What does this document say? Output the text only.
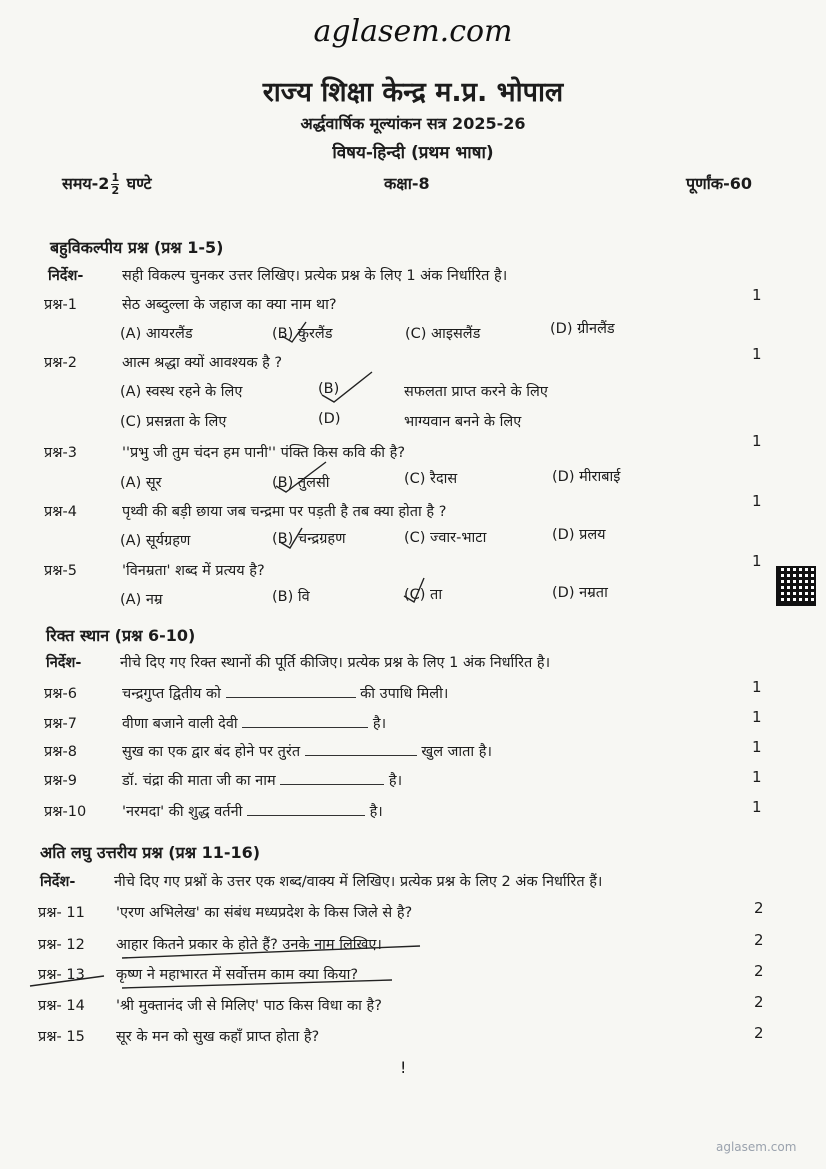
aglasem.com
राज्य शिक्षा केन्द्र म.प्र. भोपाल
अर्द्धवार्षिक मूल्यांकन सत्र 2025-26
विषय-हिन्दी (प्रथम भाषा)
समय-2 $\frac{1}{2}$ घण्टे	कक्षा-8	पूर्णांक-60
बहुविकल्पीय प्रश्न (प्रश्न 1-5)
निर्देश-	सही विकल्प चुनकर उत्तर लिखिए। प्रत्येक प्रश्न के लिए 1 अंक निर्धारित है।
प्रश्न-1	सेठ अब्दुल्ला के जहाज का क्या नाम था?
1
(A) आयरलैंड	(B) कुरलैंड	(C) आइसलैंड	(D) ग्रीनलैंड
प्रश्न-2	आत्म श्रद्धा क्यों आवश्यक है ?	1
(A) स्वस्थ रहने के लिए	(B)	सफलता प्राप्त करने के लिए
(C) प्रसन्नता के लिए	(D)	भाग्यवान बनने के लिए
प्रश्न-3	''प्रभु जी तुम चंदन हम पानी'' पंक्ति किस कवि की है?
1
(A) सूर	(B) तुलसी	(C) रैदास	(D) मीराबाई
प्रश्न-4	पृथ्वी की बड़ी छाया जब चन्द्रमा पर पड़ती है तब क्या होता है ?
1
(A) सूर्यग्रहण	(B) चन्द्रग्रहण	(C) ज्वार-भाटा	(D) प्रलय
प्रश्न-5	'विनम्रता' शब्द में प्रत्यय है?
1
(A) नम्र	(B) वि	(C) ता	(D) नम्रता
रिक्त स्थान (प्रश्न 6-10)
निर्देश-	नीचे दिए गए रिक्त स्थानों की पूर्ति कीजिए। प्रत्येक प्रश्न के लिए 1 अंक निर्धारित है।
प्रश्न-6	चन्द्रगुप्त द्वितीय को	की उपाधि मिली।	1
प्रश्न-7	वीणा बजाने वाली देवी	है।	1
प्रश्न-8	सुख का एक द्वार बंद होने पर तुरंत	खुल जाता है।	1
प्रश्न-9	डॉ. चंद्रा की माता जी का नाम	है।	1
प्रश्न-10 'नरमदा' की शुद्ध वर्तनी	है।	1
अति लघु उत्तरीय प्रश्न (प्रश्न 11-16)
निर्देश-	नीचे दिए गए प्रश्नों के उत्तर एक शब्द/वाक्य में लिखिए। प्रत्येक प्रश्न के लिए 2 अंक निर्धारित हैं।
प्रश्न- 11 'एरण अभिलेख' का संबंध मध्यप्रदेश के किस जिले से है?	2
प्रश्न- 12 आहार कितने प्रकार के होते हैं? उनके नाम लिखिए।	2
प्रश्न- 13 कृष्ण ने महाभारत में सर्वोत्तम काम क्या किया?	2
प्रश्न- 14 'श्री मुक्तानंद जी से मिलिए' पाठ किस विधा का है?	2
प्रश्न- 15 सूर के मन को सुख कहाँ प्राप्त होता है?	2
!
aglasem.com
